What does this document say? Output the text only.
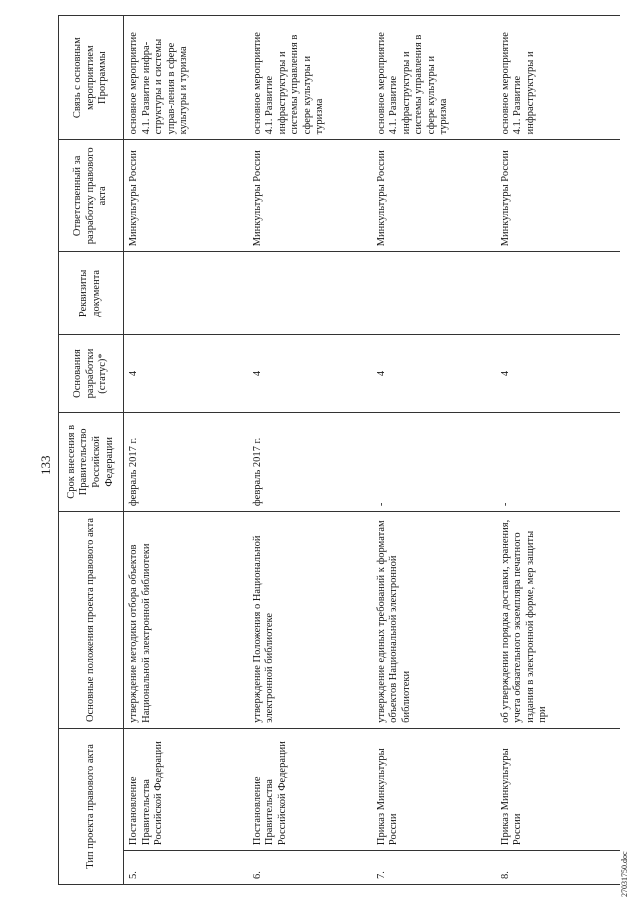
133
Тип проекта правового акта		Основные положения проекта правового акта	Срок внесения в Правительство Российской Федерации	Основания разработки (статус)*	Реквизиты документа	Ответственный за разработку правового акта	Связь с основным мероприятием Программы
5.	Постановление Правительства Российской Федерации	утверждение методики отбора объектов Национальной электронной библиотеки	февраль 2017 г.	4		Минкультуры России	основное мероприятие 4.1. Развитие инфра-структуры и системы управ-ления в сфере культуры и туризма
6.	Постановление Правительства Российской Федерации	утверждение Положения о Национальной электронной библиотеке	февраль 2017 г.	4		Минкультуры России	основное мероприятие 4.1. Развитие инфраструктуры и системы управления в сфере культуры и туризма
7.	Приказ Минкультуры России	утверждение единых требований к форматам объектов Национальной электронной библиотеки	-	4		Минкультуры России	основное мероприятие 4.1. Развитие инфраструктуры и системы управления в сфере культуры и туризма
8.	Приказ Минкультуры России	об утверждении порядка доставки, хранения, учета обязательного экземпляра печатного издания в электронной форме, мер защиты при	-	4		Минкультуры России	основное мероприятие 4.1. Развитие инфраструктуры и
27031750.doc
